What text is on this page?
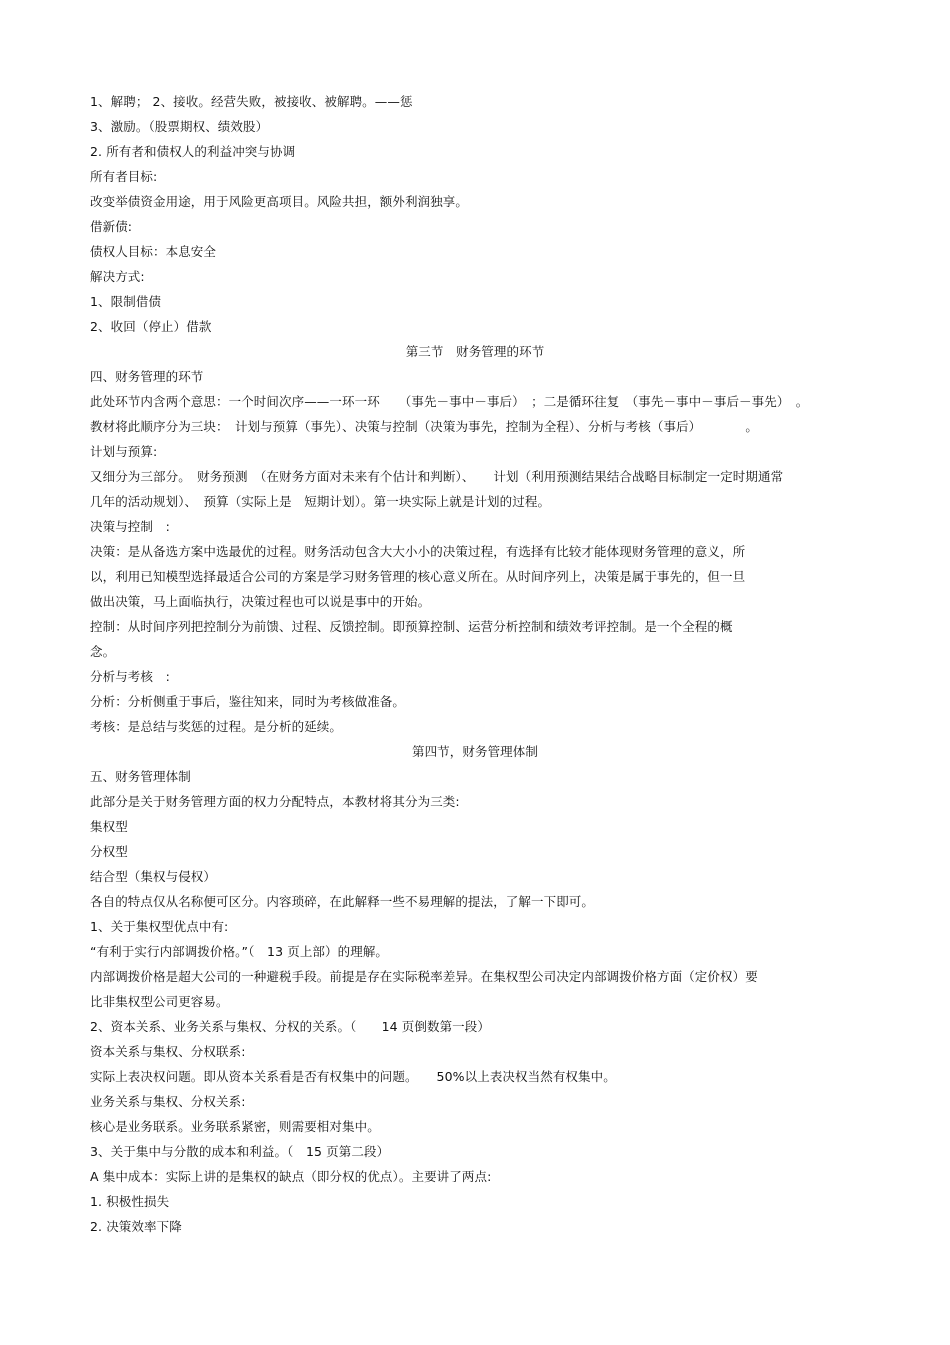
1、解聘； 2、接收。经营失败，被接收、被解聘。——惩
3、激励。（股票期权、绩效股）
2. 所有者和债权人的利益冲突与协调
所有者目标:
改变举债资金用途，用于风险更高项目。风险共担，额外利润独享。
借新债:
债权人目标：本息安全
解决方式:
1、限制借债
2、收回（停止）借款
第三节　财务管理的环节
四、财务管理的环节
此处环节内含两个意思：一个时间次序——一环一环　　（事先－事中－事后）　；二是循环往复　（事先－事中－事后－事先）　。
教材将此顺序分为三块：　计划与预算（事先）、决策与控制（决策为事先，控制为全程）、分析与考核（事后）　　　　。
计划与预算:
又细分为三部分。　财务预测　（在财务方面对未来有个估计和判断）、　　计划（利用预测结果结合战略目标制定一定时期通常
几年的活动规划）、　预算（实际上是　短期计划）。第一块实际上就是计划的过程。
决策与控制　:
决策：是从备选方案中选最优的过程。财务活动包含大大小小的决策过程，有选择有比较才能体现财务管理的意义，所
以，利用已知模型选择最适合公司的方案是学习财务管理的核心意义所在。从时间序列上，决策是属于事先的，但一旦
做出决策，马上面临执行，决策过程也可以说是事中的开始。
控制：从时间序列把控制分为前馈、过程、反馈控制。即预算控制、运营分析控制和绩效考评控制。是一个全程的概
念。
分析与考核　:
分析：分析侧重于事后，鉴往知来，同时为考核做准备。
考核：是总结与奖惩的过程。是分析的延续。
第四节，财务管理体制
五、财务管理体制
此部分是关于财务管理方面的权力分配特点，本教材将其分为三类:
集权型
分权型
结合型（集权与侵权）
各自的特点仅从名称便可区分。内容琐碎，在此解释一些不易理解的提法，了解一下即可。
1、关于集权型优点中有:
“有利于实行内部调拨价格。”（　13 页上部）的理解。
内部调拨价格是超大公司的一种避税手段。前提是存在实际税率差异。在集权型公司决定内部调拨价格方面（定价权）要
比非集权型公司更容易。
2、资本关系、业务关系与集权、分权的关系。（　　14 页倒数第一段）
资本关系与集权、分权联系:
实际上表决权问题。即从资本关系看是否有权集中的问题。　　50%以上表决权当然有权集中。
业务关系与集权、分权关系:
核心是业务联系。业务联系紧密，则需要相对集中。
3、关于集中与分散的成本和利益。（　15 页第二段）
A 集中成本：实际上讲的是集权的缺点（即分权的优点）。主要讲了两点:
1. 积极性损失
2. 决策效率下降
